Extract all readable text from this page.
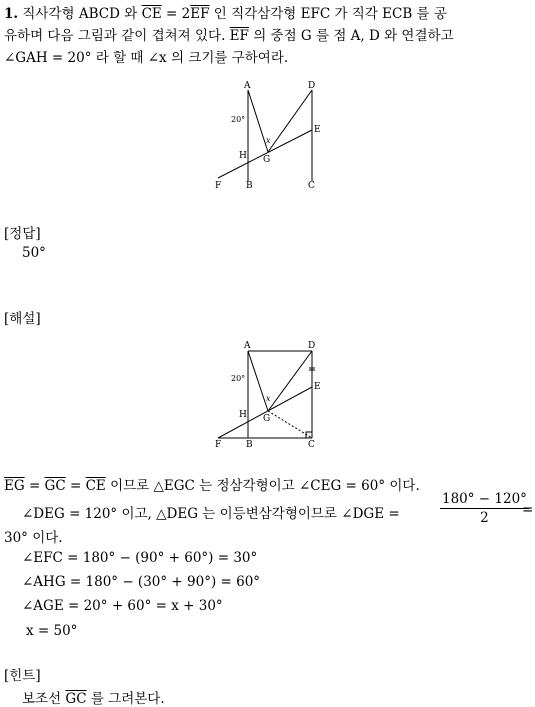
1. 직사각형 ABCD 와 $\overline{CE} = 2\overline{EF}$ 인 직각삼각형 EFC 가 직각 ECB 를 공
유하며 다음 그림과 같이 겹쳐져 있다. $\overline{EF}$ 의 중점 G 를 점 A, D 와 연결하고
∠GAH = 20° 라 할 때 ∠x 의 크기를 구하여라.
A	D
E
G
H
F	B	C
20°
x
[정답]
50°
[해설]
A	D
E
G
H
F	B	C
20°
x
$\overline{EG} = \overline{GC} = \overline{CE}$ 이므로 △EGC 는 정삼각형이고 ∠CEG = 60° 이다.
∠DEG = 120° 이고, △DEG 는 이등변삼각형이므로 ∠DGE =	$\frac{180^\circ - 120^\circ}{2}$
=
30° 이다.
∠EFC = 180° − (90° + 60°) = 30°
∠AHG = 180° − (30° + 90°) = 60°
∠AGE = 20° + 60° = x + 30°
x = 50°
[힌트]
보조선 $\overline{GC}$ 를 그려본다.
